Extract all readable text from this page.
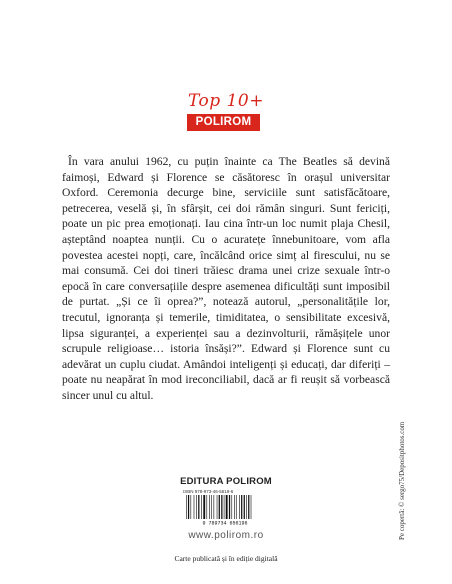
Top 10+
POLIROM

În vara anului 1962, cu puțin înainte ca The Beatles să devină faimoși, Edward și Florence se căsătoresc în orașul universitar Oxford. Ceremonia decurge bine, serviciile sunt satisfăcătoare, petrecerea, veselă și, în sfârșit, cei doi rămân singuri. Sunt fericiți, poate un pic prea emoționați. Iau cina într-un loc numit plaja Chesil, așteptând noaptea nunții. Cu o acuratețe înnebunitoare, vom afla povestea acestei nopți, care, încălcând orice simț al firescului, nu se mai consumă. Cei doi tineri trăiesc drama unei crize sexuale într-o epocă în care conversațiile despre asemenea dificultăți sunt imposibil de purtat. „Și ce îi oprea?”, notează autorul, „personalitățile lor, trecutul, ignoranța și temerile, timiditatea, o sensibilitate excesivă, lipsa siguranței, a experienței sau a dezinvolturii, rămășițele unor scrupule religioase… istoria însăși?”. Edward și Florence sunt cu adevărat un cuplu ciudat. Amândoi inteligenți și educați, dar diferiți – poate nu neapărat în mod ireconciliabil, dacă ar fi reușit să vorbească sincer unul cu altul.

EDITURA POLIROM
ISBN 978-973-46-5619-6
9 789734 656196
www.polirom.ro
Carte publicată și în ediție digitală
Pe copertă: © sergo75/Depositphotos.com
